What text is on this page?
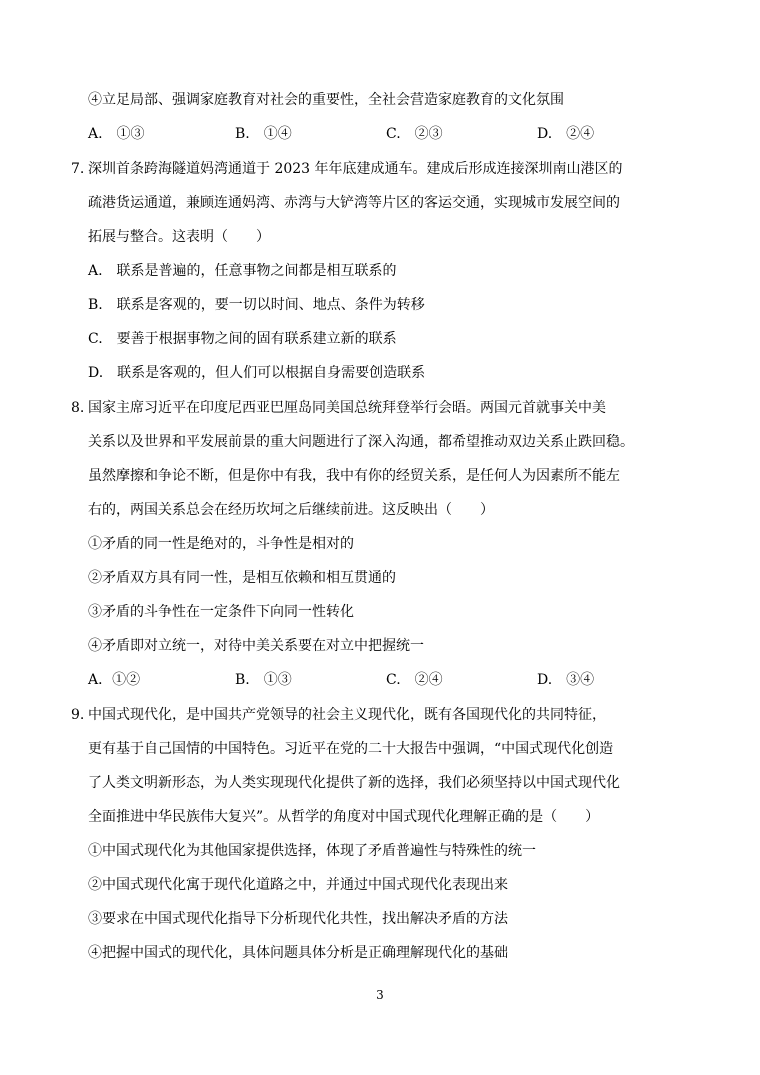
④立足局部、强调家庭教育对社会的重要性，全社会营造家庭教育的文化氛围
A.　①③	B.　①④	C.　②③	D.　②④
7. 深圳首条跨海隧道妈湾通道于 2023 年年底建成通车。建成后形成连接深圳南山港区的
疏港货运通道，兼顾连通妈湾、赤湾与大铲湾等片区的客运交通，实现城市发展空间的
拓展与整合。这表明（　　）
A.　联系是普遍的，任意事物之间都是相互联系的
B.　联系是客观的，要一切以时间、地点、条件为转移
C.　要善于根据事物之间的固有联系建立新的联系
D.　联系是客观的，但人们可以根据自身需要创造联系
8. 国家主席习近平在印度尼西亚巴厘岛同美国总统拜登举行会晤。两国元首就事关中美
关系以及世界和平发展前景的重大问题进行了深入沟通，都希望推动双边关系止跌回稳。
虽然摩擦和争论不断，但是你中有我，我中有你的经贸关系，是任何人为因素所不能左
右的，两国关系总会在经历坎坷之后继续前进。这反映出（　　）
①矛盾的同一性是绝对的，斗争性是相对的
②矛盾双方具有同一性，是相互依赖和相互贯通的
③矛盾的斗争性在一定条件下向同一性转化
④矛盾即对立统一，对待中美关系要在对立中把握统一
A．①②	B.　①③	C.　②④	D.　③④
9. 中国式现代化，是中国共产党领导的社会主义现代化，既有各国现代化的共同特征，
更有基于自己国情的中国特色。习近平在党的二十大报告中强调，“中国式现代化创造
了人类文明新形态，为人类实现现代化提供了新的选择，我们必须坚持以中国式现代化
全面推进中华民族伟大复兴”。从哲学的角度对中国式现代化理解正确的是（　　）
①中国式现代化为其他国家提供选择，体现了矛盾普遍性与特殊性的统一
②中国式现代化寓于现代化道路之中，并通过中国式现代化表现出来
③要求在中国式现代化指导下分析现代化共性，找出解决矛盾的方法
④把握中国式的现代化，具体问题具体分析是正确理解现代化的基础
3
